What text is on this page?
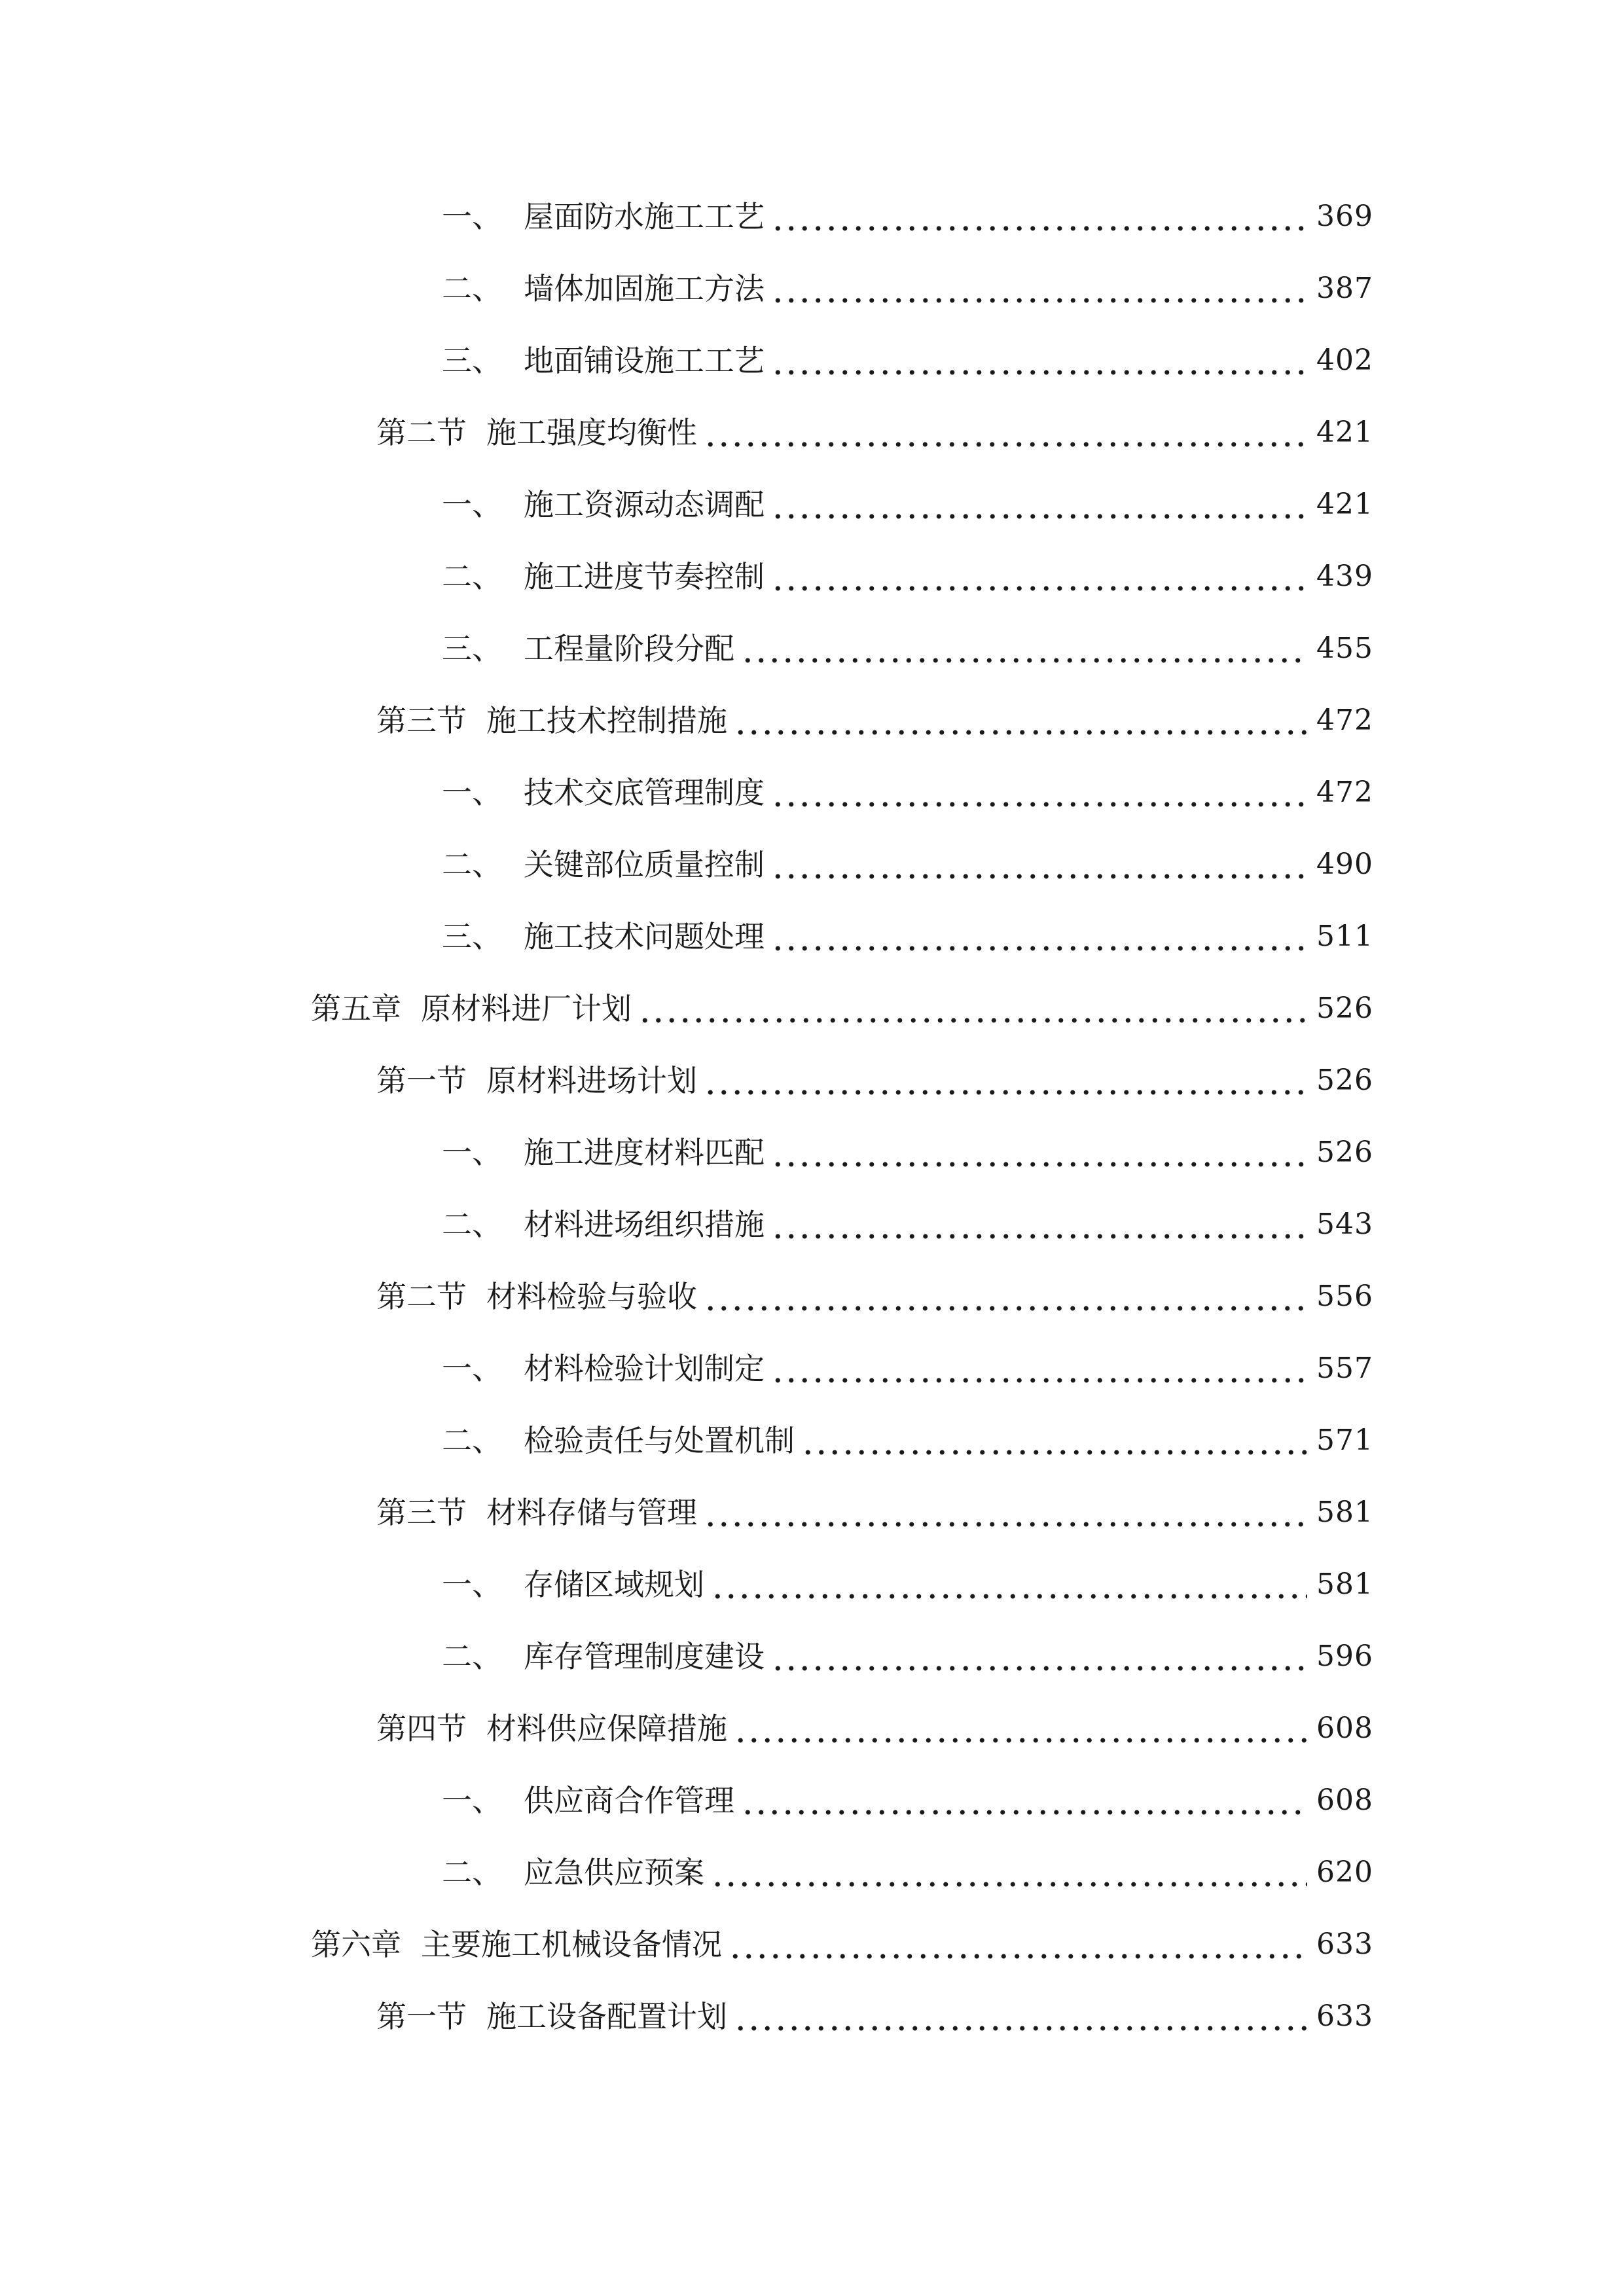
一、 屋面防水施工工艺	369
二、 墙体加固施工方法	387
三、 地面铺设施工工艺	402
第二节 施工强度均衡性	421
一、 施工资源动态调配	421
二、 施工进度节奏控制	439
三、 工程量阶段分配	455
第三节 施工技术控制措施	472
一、 技术交底管理制度	472
二、 关键部位质量控制	490
三、 施工技术问题处理	511
第五章 原材料进厂计划	526
第一节 原材料进场计划	526
一、 施工进度材料匹配	526
二、 材料进场组织措施	543
第二节 材料检验与验收	556
一、 材料检验计划制定	557
二、 检验责任与处置机制	571
第三节 材料存储与管理	581
一、 存储区域规划	581
二、 库存管理制度建设	596
第四节 材料供应保障措施	608
一、 供应商合作管理	608
二、 应急供应预案	620
第六章 主要施工机械设备情况	633
第一节 施工设备配置计划	633
